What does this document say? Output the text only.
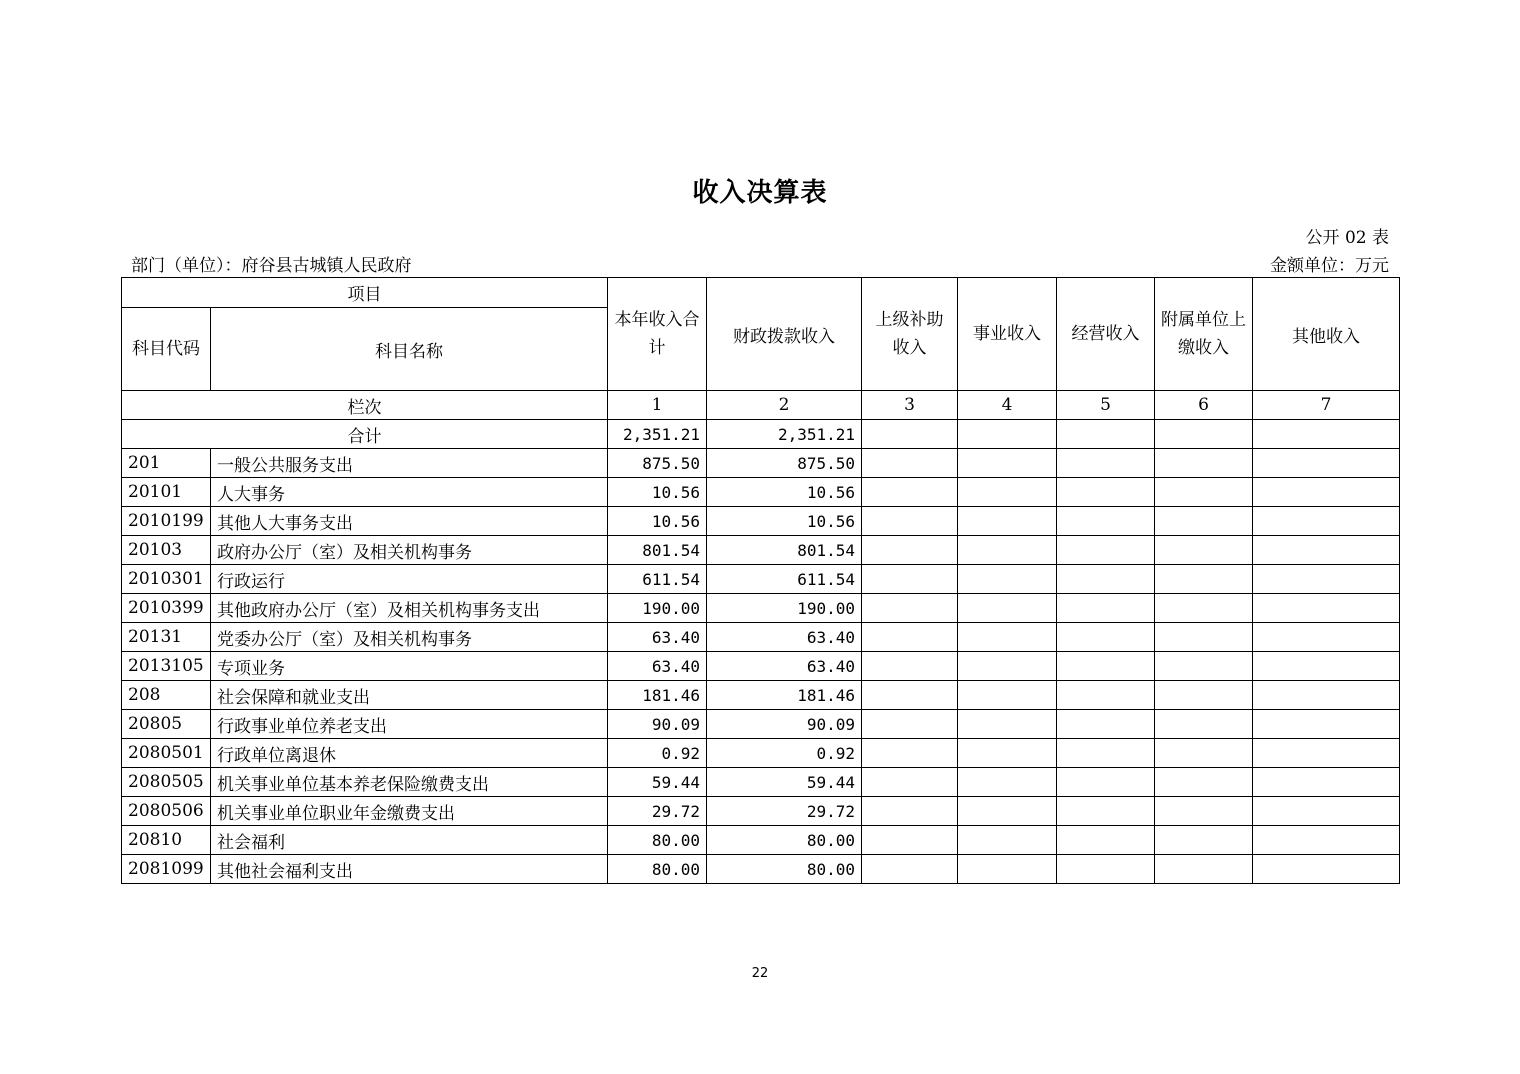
收入决算表
公开 02 表
部门（单位）：府谷县古城镇人民政府	金额单位：万元
项目		本年收入合计	财政拨款收入	上级补助收入	事业收入	经营收入	附属单位上缴收入	其他收入
科目代码	科目名称							
栏次		1	2	3	4	5	6	7
合计		2,351.21	2,351.21					
201	一般公共服务支出	875.50	875.50					
20101	人大事务	10.56	10.56					
2010199	其他人大事务支出	10.56	10.56					
20103	政府办公厅（室）及相关机构事务	801.54	801.54					
2010301	行政运行	611.54	611.54					
2010399	其他政府办公厅（室）及相关机构事务支出	190.00	190.00					
20131	党委办公厅（室）及相关机构事务	63.40	63.40					
2013105	专项业务	63.40	63.40					
208	社会保障和就业支出	181.46	181.46					
20805	行政事业单位养老支出	90.09	90.09					
2080501	行政单位离退休	0.92	0.92					
2080505	机关事业单位基本养老保险缴费支出	59.44	59.44					
2080506	机关事业单位职业年金缴费支出	29.72	29.72					
20810	社会福利	80.00	80.00					
2081099	其他社会福利支出	80.00	80.00					
22
